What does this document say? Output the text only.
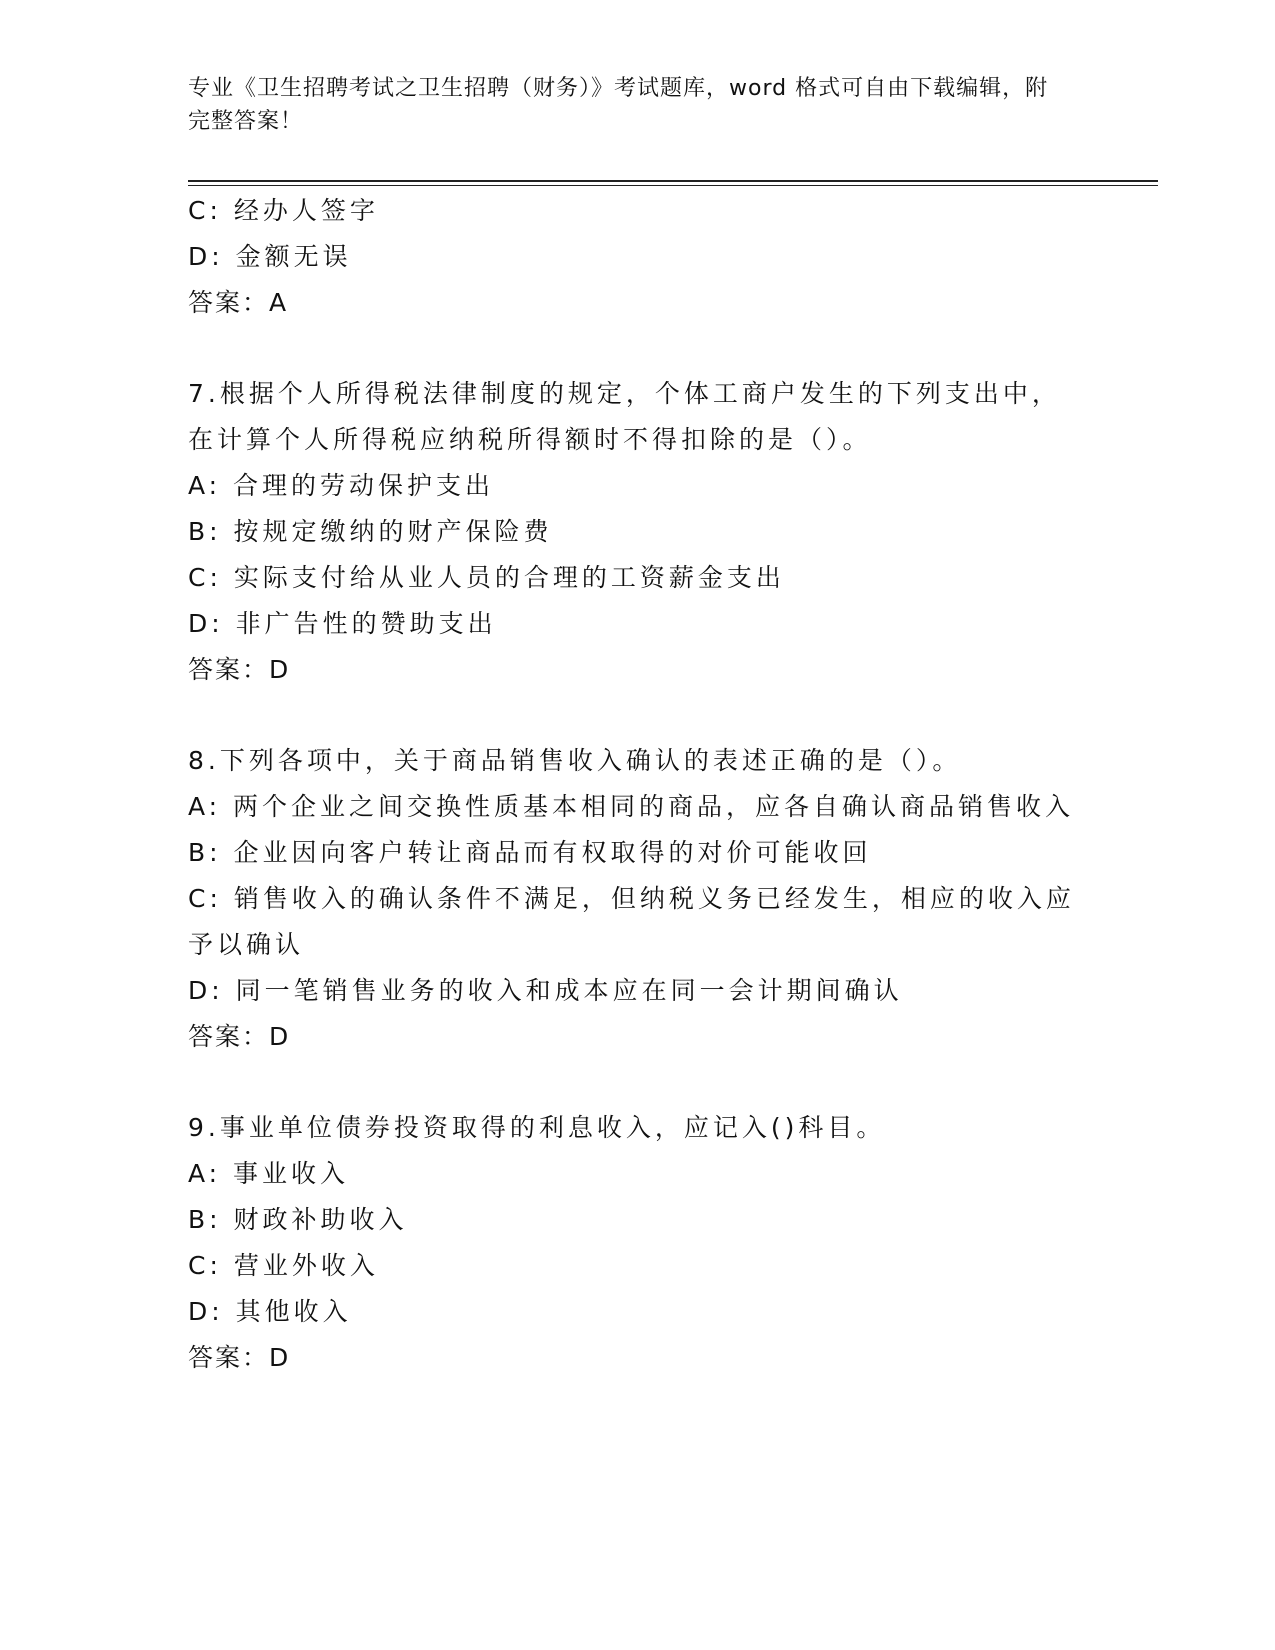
专业《卫生招聘考试之卫生招聘（财务）》考试题库，word 格式可自由下载编辑，附完整答案！
C: 经办人签字
D: 金额无误
答案：A
7.根据个人所得税法律制度的规定，个体工商户发生的下列支出中，在计算个人所得税应纳税所得额时不得扣除的是（）。
A: 合理的劳动保护支出
B: 按规定缴纳的财产保险费
C: 实际支付给从业人员的合理的工资薪金支出
D: 非广告性的赞助支出
答案：D
8.下列各项中，关于商品销售收入确认的表述正确的是（）。
A: 两个企业之间交换性质基本相同的商品，应各自确认商品销售收入
B: 企业因向客户转让商品而有权取得的对价可能收回
C: 销售收入的确认条件不满足，但纳税义务已经发生，相应的收入应予以确认
D: 同一笔销售业务的收入和成本应在同一会计期间确认
答案：D
9.事业单位债券投资取得的利息收入，应记入()科目。
A: 事业收入
B: 财政补助收入
C: 营业外收入
D: 其他收入
答案：D
